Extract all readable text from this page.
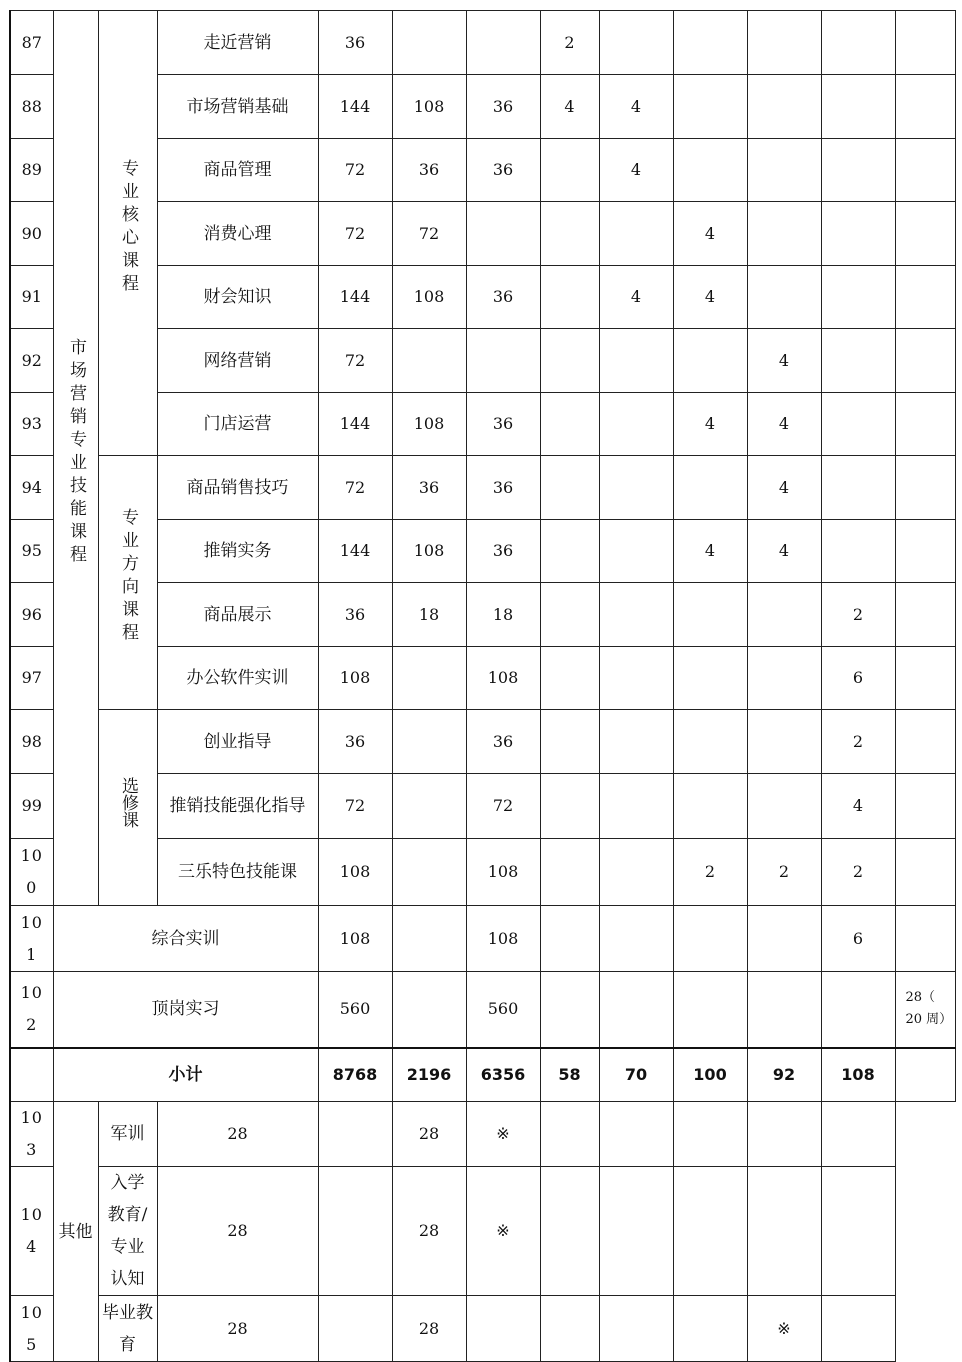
87	市场营销专业技能课程	专业核心课程	走近营销	36			2					
88			市场营销基础	144	108	36	4	4				
89			商品管理	72	36	36		4				
90			消费心理	72	72				4			
91			财会知识	144	108	36		4	4			
92			网络营销	72						4		
93			门店运营	144	108	36			4	4		
94		专业方向课程	商品销售技巧	72	36	36				4		
95			推销实务	144	108	36			4	4		
96			商品展示	36	18	18					2	
97			办公软件实训	108		108					6	
98		选修课	创业指导	36		36					2	
99			推销技能强化指导	72		72					4	

100			三乐特色技能课	108		108			2	2	2	

101	综合实训			108		108					6	

102	顶岗实习			560		560						28（ 20 周）
	小计			8768	2196	6356	58	70	100	92	108	

103	其他	军训	28		28	※						

104		入学教育/专业认知	28		28	※						

105		毕业教育	28		28					※		
